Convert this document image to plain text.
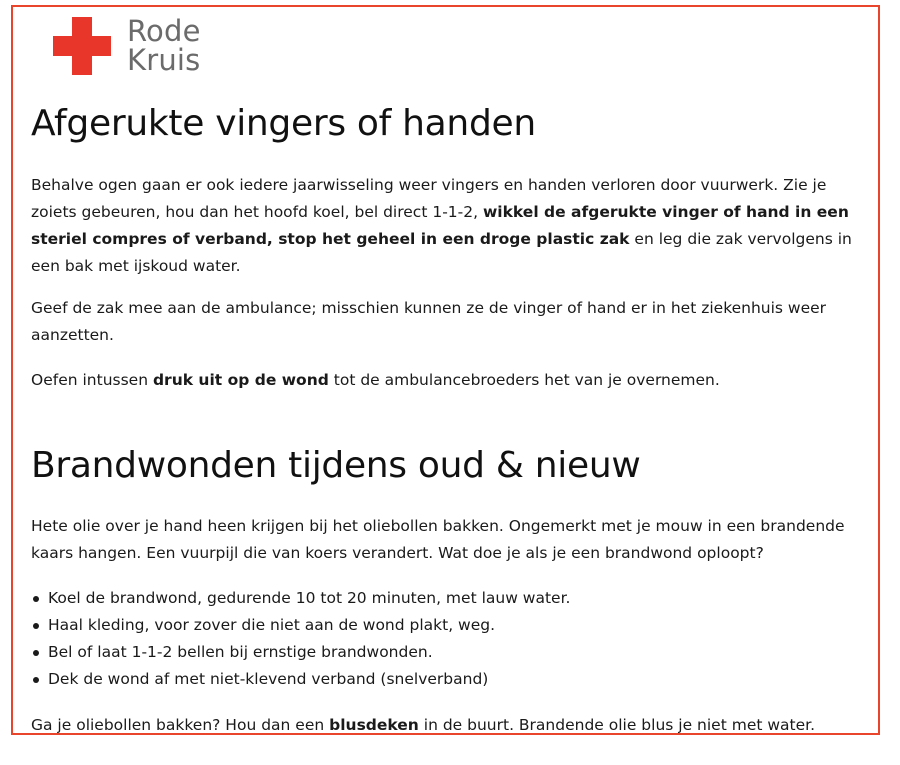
Rode
Kruis
Afgerukte vingers of handen

Behalve ogen gaan er ook iedere jaarwisseling weer vingers en handen verloren door vuurwerk. Zie je zoiets gebeuren, hou dan het hoofd koel, bel direct 1-1-2, wikkel de afgerukte vinger of hand in een steriel compres of verband, stop het geheel in een droge plastic zak en leg die zak vervolgens in een bak met ijskoud water.

Geef de zak mee aan de ambulance; misschien kunnen ze de vinger of hand er in het ziekenhuis weer aanzetten.

Oefen intussen druk uit op de wond tot de ambulancebroeders het van je overnemen.

Brandwonden tijdens oud & nieuw

Hete olie over je hand heen krijgen bij het oliebollen bakken. Ongemerkt met je mouw in een brandende kaars hangen. Een vuurpijl die van koers verandert. Wat doe je als je een brandwond oploopt?

Koel de brandwond, gedurende 10 tot 20 minuten, met lauw water.
Haal kleding, voor zover die niet aan de wond plakt, weg.
Bel of laat 1-1-2 bellen bij ernstige brandwonden.
Dek de wond af met niet-klevend verband (snelverband)

Ga je oliebollen bakken? Hou dan een blusdeken in de buurt. Brandende olie blus je niet met water.
